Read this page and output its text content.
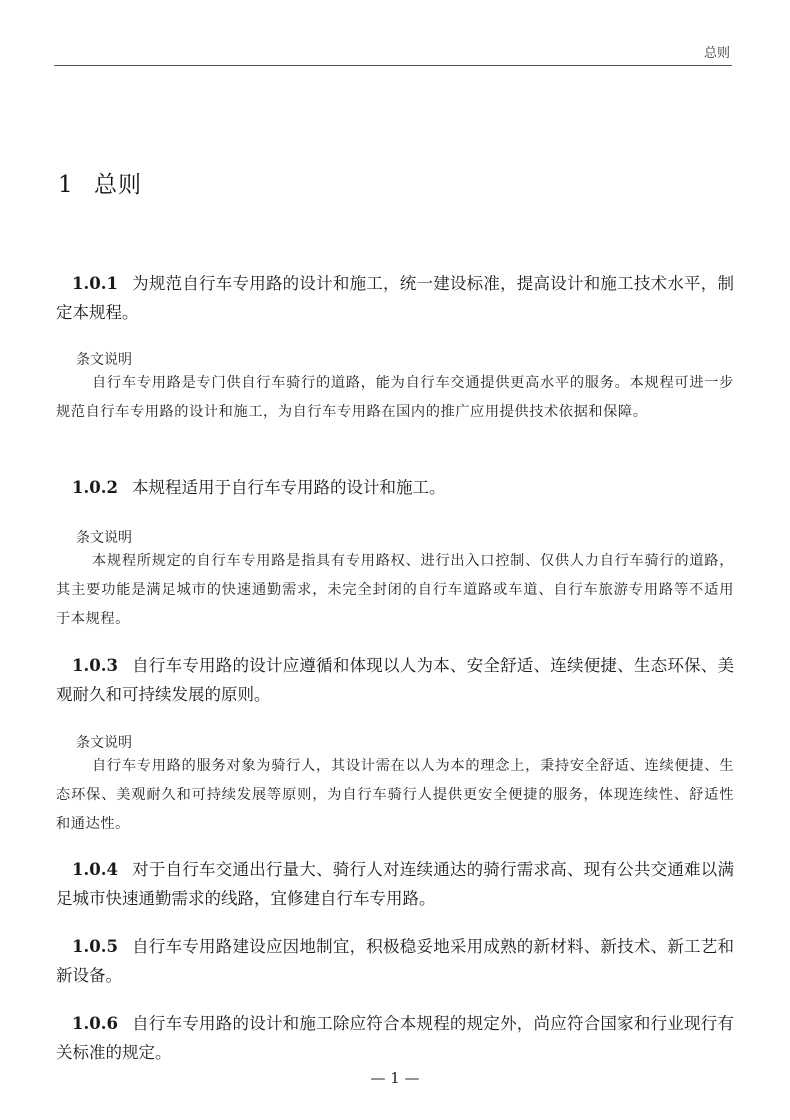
总则
1 总则
1.0.1 为规范自行车专用路的设计和施工，统一建设标准，提高设计和施工技术水平，制定本规程。
条文说明
自行车专用路是专门供自行车骑行的道路，能为自行车交通提供更高水平的服务。本规程可进一步规范自行车专用路的设计和施工，为自行车专用路在国内的推广应用提供技术依据和保障。
1.0.2 本规程适用于自行车专用路的设计和施工。
条文说明
本规程所规定的自行车专用路是指具有专用路权、进行出入口控制、仅供人力自行车骑行的道路，其主要功能是满足城市的快速通勤需求，未完全封闭的自行车道路或车道、自行车旅游专用路等不适用于本规程。
1.0.3 自行车专用路的设计应遵循和体现以人为本、安全舒适、连续便捷、生态环保、美观耐久和可持续发展的原则。
条文说明
自行车专用路的服务对象为骑行人，其设计需在以人为本的理念上，秉持安全舒适、连续便捷、生态环保、美观耐久和可持续发展等原则，为自行车骑行人提供更安全便捷的服务，体现连续性、舒适性和通达性。
1.0.4 对于自行车交通出行量大、骑行人对连续通达的骑行需求高、现有公共交通难以满足城市快速通勤需求的线路，宜修建自行车专用路。
1.0.5 自行车专用路建设应因地制宜，积极稳妥地采用成熟的新材料、新技术、新工艺和新设备。
1.0.6 自行车专用路的设计和施工除应符合本规程的规定外，尚应符合国家和行业现行有关标准的规定。
— 1 —
